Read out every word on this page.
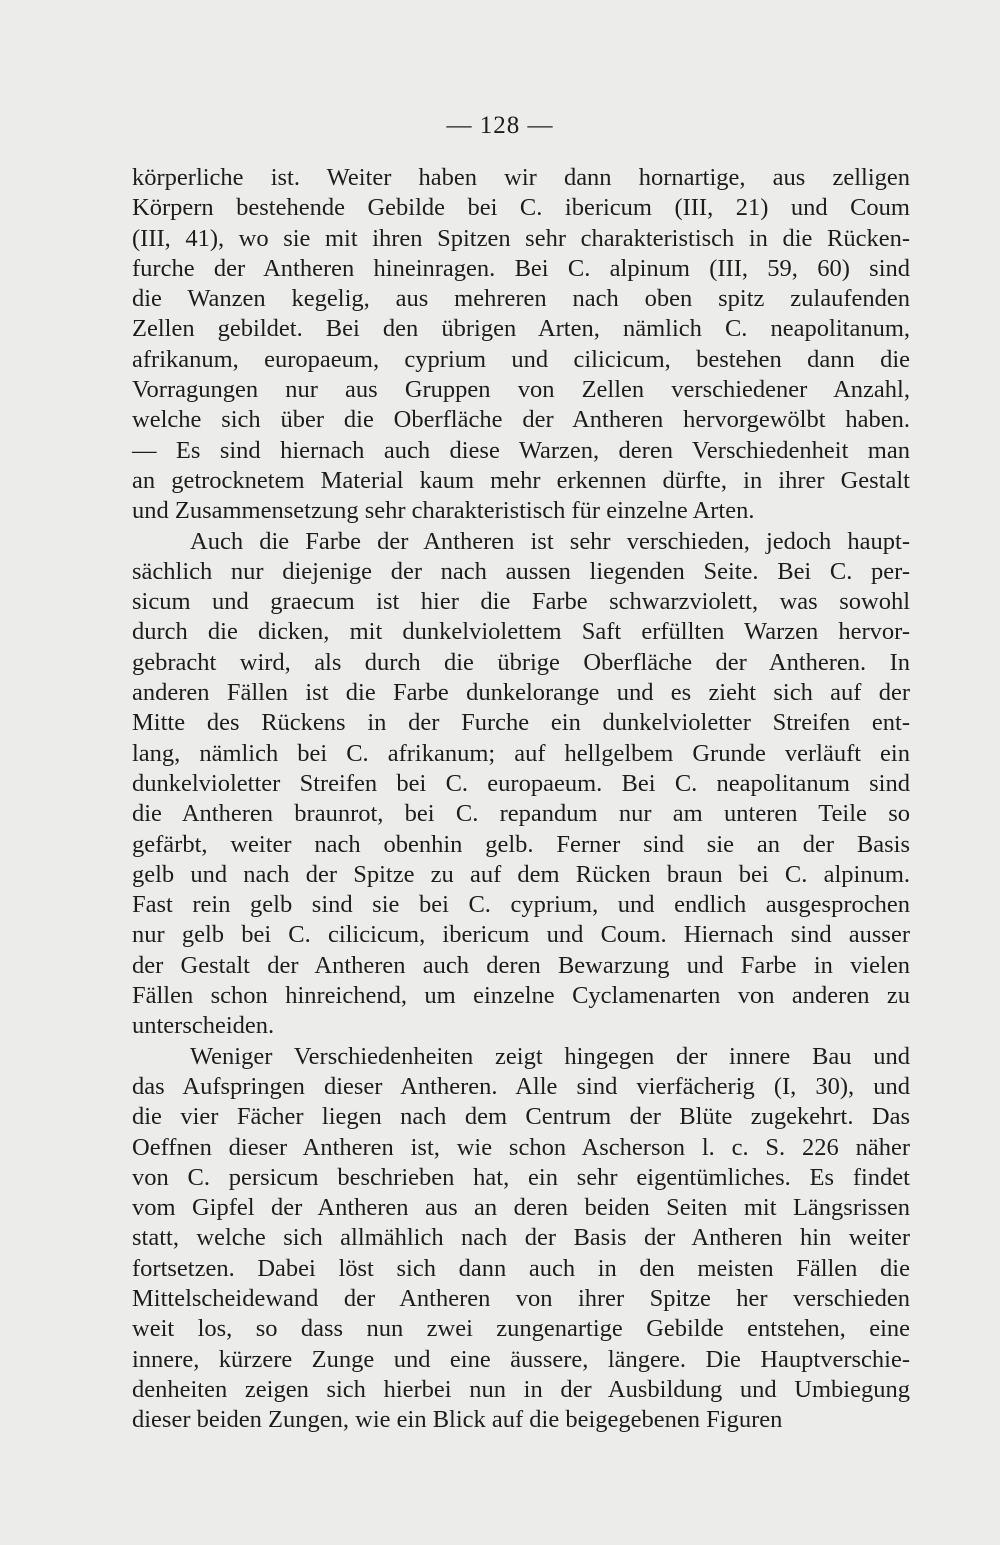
— 128 —
körperliche ist. Weiter haben wir dann hornartige, aus zelligen
Körpern bestehende Gebilde bei C. ibericum (III, 21) und Coum
(III, 41), wo sie mit ihren Spitzen sehr charakteristisch in die Rücken-
furche der Antheren hineinragen. Bei C. alpinum (III, 59, 60) sind
die Wanzen kegelig, aus mehreren nach oben spitz zulaufenden
Zellen gebildet. Bei den übrigen Arten, nämlich C. neapolitanum,
afrikanum, europaeum, cyprium und cilicicum, bestehen dann die
Vorragungen nur aus Gruppen von Zellen verschiedener Anzahl,
welche sich über die Oberfläche der Antheren hervorgewölbt haben.
— Es sind hiernach auch diese Warzen, deren Verschiedenheit man
an getrocknetem Material kaum mehr erkennen dürfte, in ihrer Gestalt
und Zusammensetzung sehr charakteristisch für einzelne Arten.
Auch die Farbe der Antheren ist sehr verschieden, jedoch haupt-
sächlich nur diejenige der nach aussen liegenden Seite. Bei C. per-
sicum und graecum ist hier die Farbe schwarzviolett, was sowohl
durch die dicken, mit dunkelviolettem Saft erfüllten Warzen hervor-
gebracht wird, als durch die übrige Oberfläche der Antheren. In
anderen Fällen ist die Farbe dunkelorange und es zieht sich auf der
Mitte des Rückens in der Furche ein dunkelvioletter Streifen ent-
lang, nämlich bei C. afrikanum; auf hellgelbem Grunde verläuft ein
dunkelvioletter Streifen bei C. europaeum. Bei C. neapolitanum sind
die Antheren braunrot, bei C. repandum nur am unteren Teile so
gefärbt, weiter nach obenhin gelb. Ferner sind sie an der Basis
gelb und nach der Spitze zu auf dem Rücken braun bei C. alpinum.
Fast rein gelb sind sie bei C. cyprium, und endlich ausgesprochen
nur gelb bei C. cilicicum, ibericum und Coum. Hiernach sind ausser
der Gestalt der Antheren auch deren Bewarzung und Farbe in vielen
Fällen schon hinreichend, um einzelne Cyclamenarten von anderen zu
unterscheiden.
Weniger Verschiedenheiten zeigt hingegen der innere Bau und
das Aufspringen dieser Antheren. Alle sind vierfächerig (I, 30), und
die vier Fächer liegen nach dem Centrum der Blüte zugekehrt. Das
Oeffnen dieser Antheren ist, wie schon Ascherson l. c. S. 226 näher
von C. persicum beschrieben hat, ein sehr eigentümliches. Es findet
vom Gipfel der Antheren aus an deren beiden Seiten mit Längsrissen
statt, welche sich allmählich nach der Basis der Antheren hin weiter
fortsetzen. Dabei löst sich dann auch in den meisten Fällen die
Mittelscheidewand der Antheren von ihrer Spitze her verschieden
weit los, so dass nun zwei zungenartige Gebilde entstehen, eine
innere, kürzere Zunge und eine äussere, längere. Die Hauptverschie-
denheiten zeigen sich hierbei nun in der Ausbildung und Umbiegung
dieser beiden Zungen, wie ein Blick auf die beigegebenen Figuren
